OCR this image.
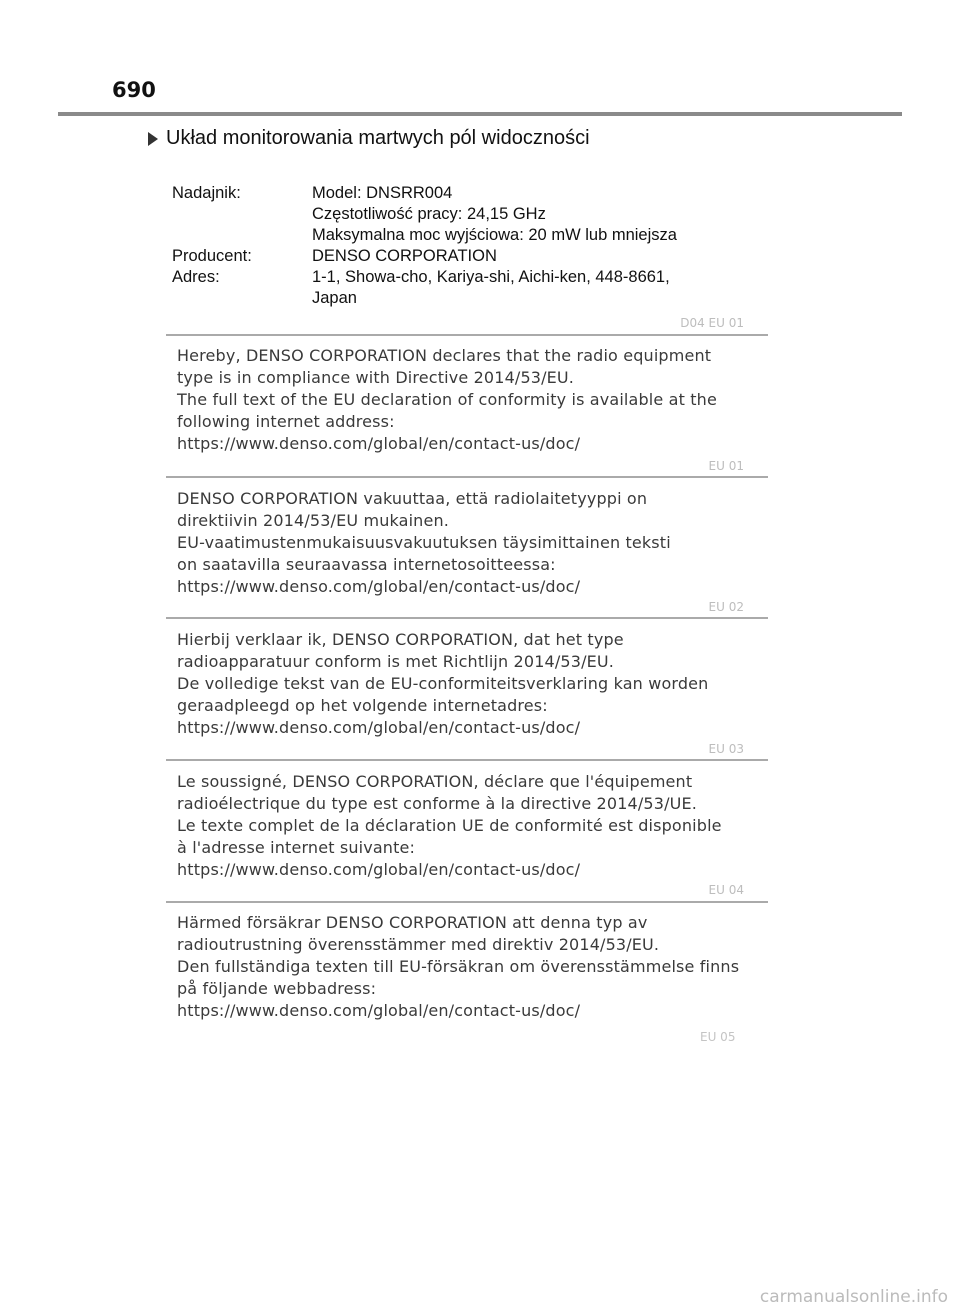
690
Układ monitorowania martwych pól widoczności
Nadajnik:	Model: DNSRR004
Częstotliwość pracy: 24,15 GHz
Maksymalna moc wyjściowa: 20 mW lub mniejsza
Producent:	DENSO CORPORATION
Adres:	1-1, Showa-cho, Kariya-shi, Aichi-ken, 448-8661,
Japan
D04 EU 01
Hereby, DENSO CORPORATION declares that the radio equipment
type is in compliance with Directive 2014/53/EU.
The full text of the EU declaration of conformity is available at the
following internet address:
https://www.denso.com/global/en/contact-us/doc/
EU 01
DENSO CORPORATION vakuuttaa, että radiolaitetyyppi on
direktiivin 2014/53/EU mukainen.
EU-vaatimustenmukaisuusvakuutuksen täysimittainen teksti
on saatavilla seuraavassa internetosoitteessa:
https://www.denso.com/global/en/contact-us/doc/
EU 02
Hierbij verklaar ik, DENSO CORPORATION, dat het type
radioapparatuur conform is met Richtlijn 2014/53/EU.
De volledige tekst van de EU-conformiteitsverklaring kan worden
geraadpleegd op het volgende internetadres:
https://www.denso.com/global/en/contact-us/doc/
EU 03
Le soussigné, DENSO CORPORATION, déclare que l'équipement
radioélectrique du type est conforme à la directive 2014/53/UE.
Le texte complet de la déclaration UE de conformité est disponible
à l'adresse internet suivante:
https://www.denso.com/global/en/contact-us/doc/
EU 04
Härmed försäkrar DENSO CORPORATION att denna typ av
radioutrustning överensstämmer med direktiv 2014/53/EU.
Den fullständiga texten till EU-försäkran om överensstämmelse finns
på följande webbadress:
https://www.denso.com/global/en/contact-us/doc/
EU 05
carmanualsonline.info
